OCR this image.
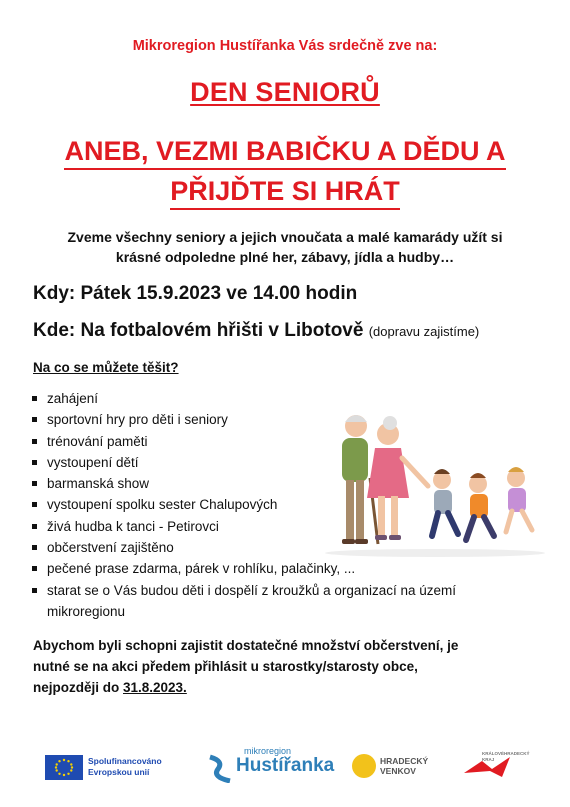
Mikroregion Hustířanka Vás srdečně zve na:
DEN SENIORŮ
ANEB, VEZMI BABIČKU A DĚDU A
PŘIJĎTE SI HRÁT
Zveme všechny seniory a jejich vnoučata a malé kamarády užít si
krásné odpoledne plné her, zábavy, jídla a hudby…
Kdy: Pátek 15.9.2023 ve 14.00 hodin
Kde: Na fotbalovém hřišti v Libotově (dopravu zajistíme)
Na co se můžete těšit?
zahájení
sportovní hry pro děti i seniory
trénování paměti
vystoupení dětí
barmanská show
vystoupení spolku sester Chalupových
živá hudba k tanci - Petirovci
občerstvení zajištěno
pečené prase zdarma, párek v rohlíku, palačinky, ...
starat se o Vás budou děti i dospělí z kroužků a organizací na území
mikroregionu
Abychom byli schopni zajistit dostatečné množství občerstvení, je
nutné se na akci předem přihlásit u starostky/starosty obce,
nejpozději do 31.8.2023.
Spolufinancováno
Evropskou unií
mikroregion
Hustířanka	HRADECKÝ
VENKOV
KRÁLOVÉHRADECKÝ
KRAJ
